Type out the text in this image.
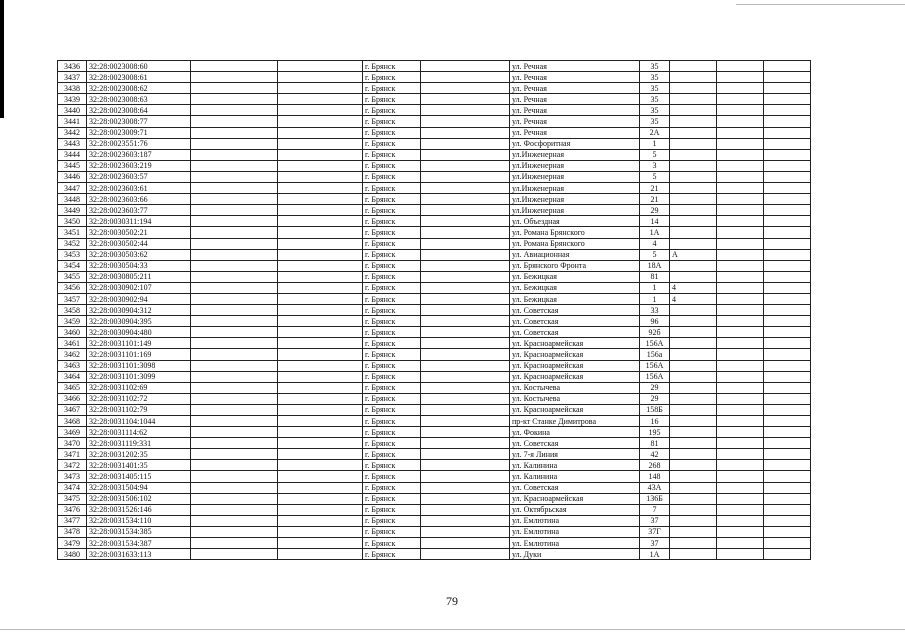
3436	32:28:0023008:60			г. Брянск		ул. Речная	35			
3437	32:28:0023008:61			г. Брянск		ул. Речная	35			
3438	32:28:0023008:62			г. Брянск		ул. Речная	35			
3439	32:28:0023008:63			г. Брянск		ул. Речная	35			
3440	32:28:0023008:64			г. Брянск		ул. Речная	35			
3441	32:28:0023008:77			г. Брянск		ул. Речная	35			
3442	32:28:0023009:71			г. Брянск		ул. Речная	2А			
3443	32:28:0023551:76			г. Брянск		ул. Фосфоритная	1			
3444	32:28:0023603:187			г. Брянск		ул.Инженерная	5			
3445	32:28:0023603:219			г. Брянск		ул.Инженерная	3			
3446	32:28:0023603:57			г. Брянск		ул.Инженерная	5			
3447	32:28:0023603:61			г. Брянск		ул.Инженерная	21			
3448	32:28:0023603:66			г. Брянск		ул.Инженерная	21			
3449	32:28:0023603:77			г. Брянск		ул.Инженерная	29			
3450	32:28:0030311:194			г. Брянск		ул. Объездная	14			
3451	32:28:0030502:21			г. Брянск		ул. Романа Брянского	1А			
3452	32:28:0030502:44			г. Брянск		ул. Романа Брянского	4			
3453	32:28:0030503:62			г. Брянск		ул. Авиационная	5	А		
3454	32:28:0030504:33			г. Брянск		ул. Брянского Фронта	18А			
3455	32:28:0030805:211			г. Брянск		ул. Бежицкая	81			
3456	32:28:0030902:107			г. Брянск		ул. Бежицкая	1	4		
3457	32:28:0030902:94			г. Брянск		ул. Бежицкая	1	4		
3458	32:28:0030904:312			г. Брянск		ул. Советская	33			
3459	32:28:0030904:395			г. Брянск		ул. Советская	96			
3460	32:28:0030904:480			г. Брянск		ул. Советская	92б			
3461	32:28:0031101:149			г. Брянск		ул. Красноармейская	156А			
3462	32:28:0031101:169			г. Брянск		ул. Красноармейская	156а			
3463	32:28:0031101:3098			г. Брянск		ул. Красноармейская	156А			
3464	32:28:0031101:3099			г. Брянск		ул. Красноармейская	156А			
3465	32:28:0031102:69			г. Брянск		ул. Костычева	29			
3466	32:28:0031102:72			г. Брянск		ул. Костычева	29			
3467	32:28:0031102:79			г. Брянск		ул. Красноармейская	158Б			
3468	32:28:0031104:1044			г. Брянск		пр-кт Станке Димитрова	16			
3469	32:28:0031114:62			г. Брянск		ул. Фокина	195			
3470	32:28:0031119:331			г. Брянск		ул. Советская	81			
3471	32:28:0031202:35			г. Брянск		ул. 7-я Линия	42			
3472	32:28:0031401:35			г. Брянск		ул. Калинина	268			
3473	32:28:0031405:115			г. Брянск		ул. Калинина	148			
3474	32:28:0031504:94			г. Брянск		ул. Советская	43А			
3475	32:28:0031506:102			г. Брянск		ул. Красноармейская	136Б			
3476	32:28:0031526:146			г. Брянск		ул. Октябрьская	7			
3477	32:28:0031534:110			г. Брянск		ул. Емлютина	37			
3478	32:28:0031534:385			г. Брянск		ул. Емлютина	37Г			
3479	32:28:0031534:387			г. Брянск		ул. Емлютина	37			
3480	32:28:0031633:113			г. Брянск		ул. Дуки	1А			
79
